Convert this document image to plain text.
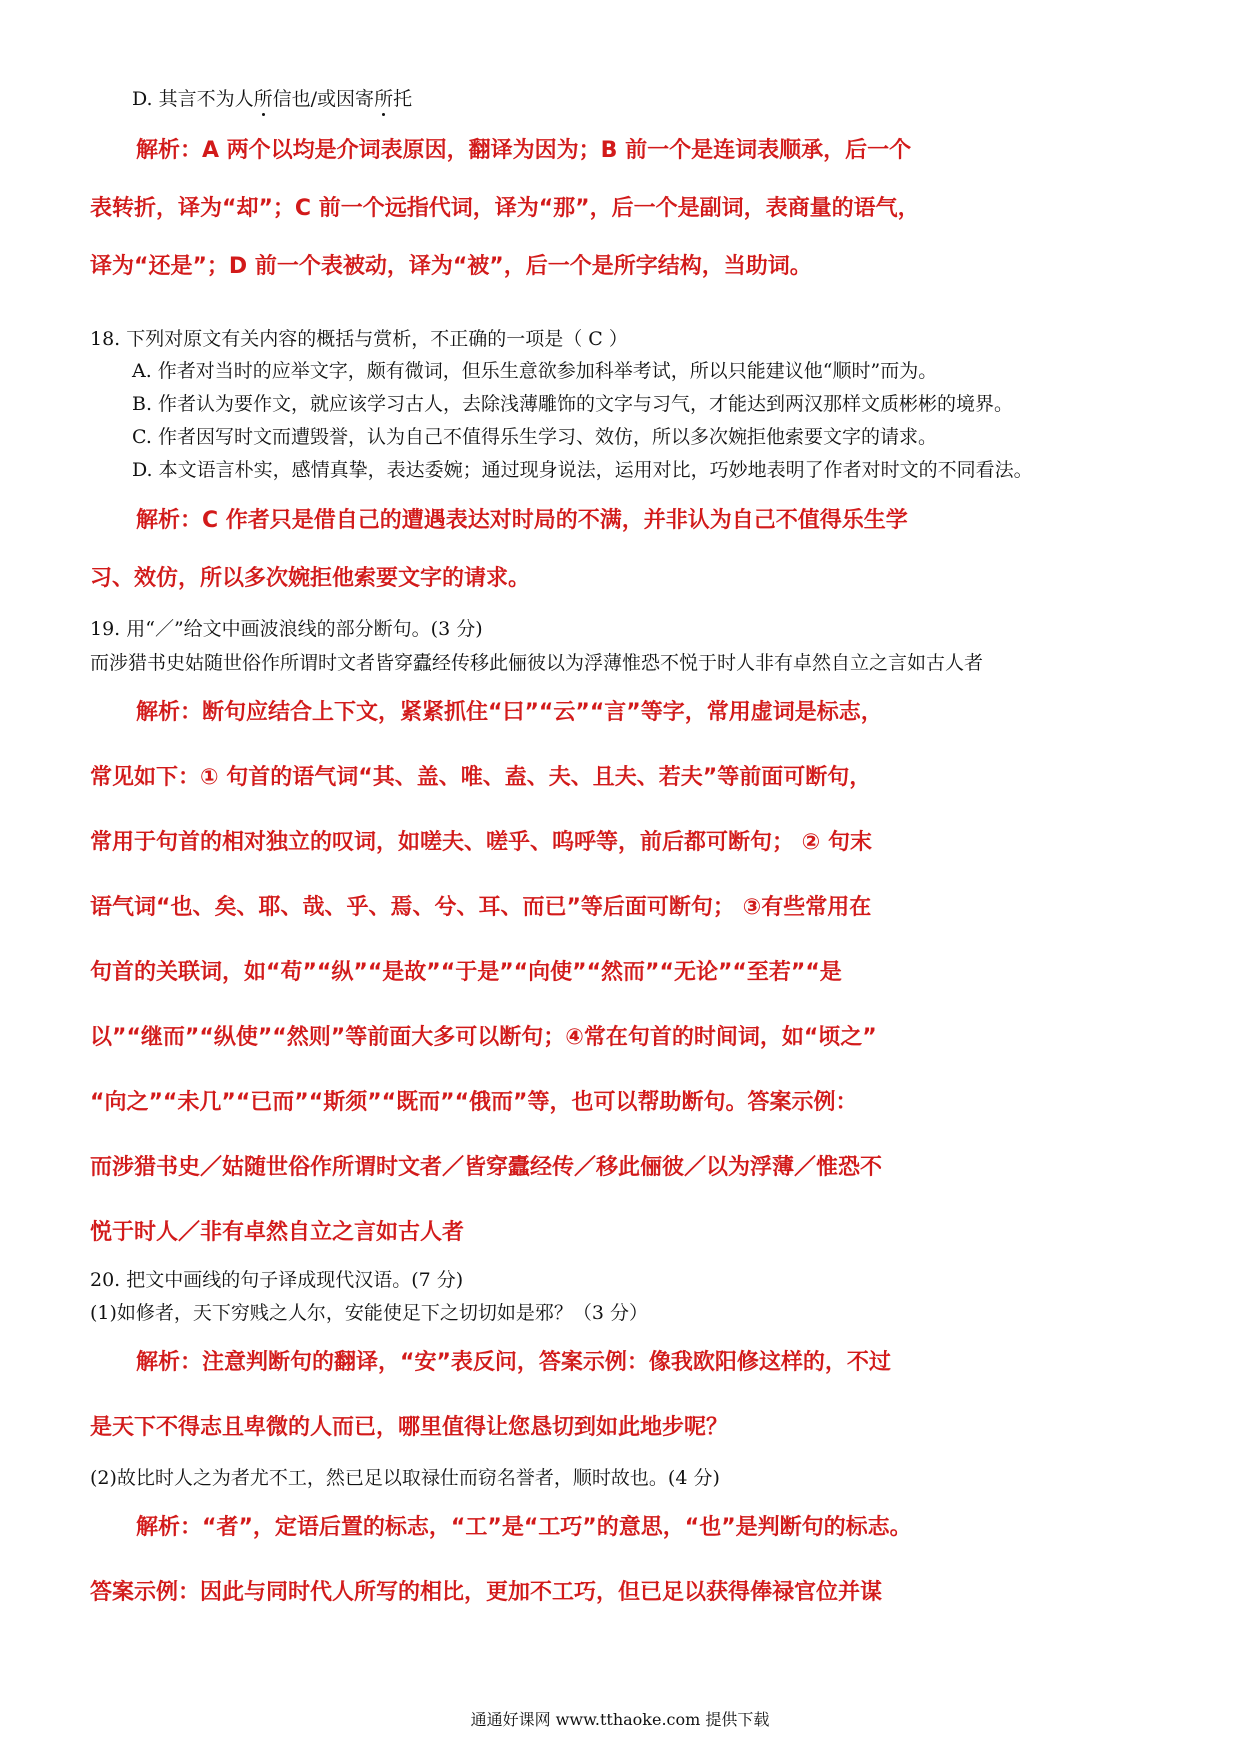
D. 其言不为人所信也/或因寄所托
解析：A 两个以均是介词表原因，翻译为因为；B 前一个是连词表顺承，后一个
表转折，译为“却”；C 前一个远指代词，译为“那”，后一个是副词，表商量的语气，
译为“还是”；D 前一个表被动，译为“被”，后一个是所字结构，当助词。
18. 下列对原文有关内容的概括与赏析，不正确的一项是（ C ）
A. 作者对当时的应举文字，颇有微词，但乐生意欲参加科举考试，所以只能建议他“顺时”而为。
B. 作者认为要作文，就应该学习古人，去除浅薄雕饰的文字与习气，才能达到两汉那样文质彬彬的境界。
C. 作者因写时文而遭毁誉，认为自己不值得乐生学习、效仿，所以多次婉拒他索要文字的请求。
D. 本文语言朴实，感情真挚，表达委婉；通过现身说法，运用对比，巧妙地表明了作者对时文的不同看法。
解析：C 作者只是借自己的遭遇表达对时局的不满，并非认为自己不值得乐生学
习、效仿，所以多次婉拒他索要文字的请求。
19. 用“／”给文中画波浪线的部分断句。(3 分)
而涉猎书史姑随世俗作所谓时文者皆穿蠹经传移此俪彼以为浮薄惟恐不悦于时人非有卓然自立之言如古人者
解析：断句应结合上下文，紧紧抓住“曰”“云”“言”等字，常用虚词是标志，
常见如下：① 句首的语气词“其、盖、唯、盍、夫、且夫、若夫”等前面可断句，
常用于句首的相对独立的叹词，如嗟夫、嗟乎、呜呼等，前后都可断句； ② 句末
语气词“也、矣、耶、哉、乎、焉、兮、耳、而已”等后面可断句； ③有些常用在
句首的关联词，如“苟”“纵”“是故”“于是”“向使”“然而”“无论”“至若”“是
以”“继而”“纵使”“然则”等前面大多可以断句；④常在句首的时间词，如“顷之”
“向之”“未几”“已而”“斯须”“既而”“俄而”等，也可以帮助断句。答案示例：
而涉猎书史／姑随世俗作所谓时文者／皆穿蠹经传／移此俪彼／以为浮薄／惟恐不
悦于时人／非有卓然自立之言如古人者
20. 把文中画线的句子译成现代汉语。(7 分)
(1)如修者，天下穷贱之人尔，安能使足下之切切如是邪？（3 分）
解析：注意判断句的翻译，“安”表反问，答案示例：像我欧阳修这样的，不过
是天下不得志且卑微的人而已，哪里值得让您恳切到如此地步呢？
(2)故比时人之为者尤不工，然已足以取禄仕而窃名誉者，顺时故也。(4 分)
解析：“者”，定语后置的标志，“工”是“工巧”的意思，“也”是判断句的标志。
答案示例：因此与同时代人所写的相比，更加不工巧，但已足以获得俸禄官位并谋
通通好课网 www.tthaoke.com 提供下载
